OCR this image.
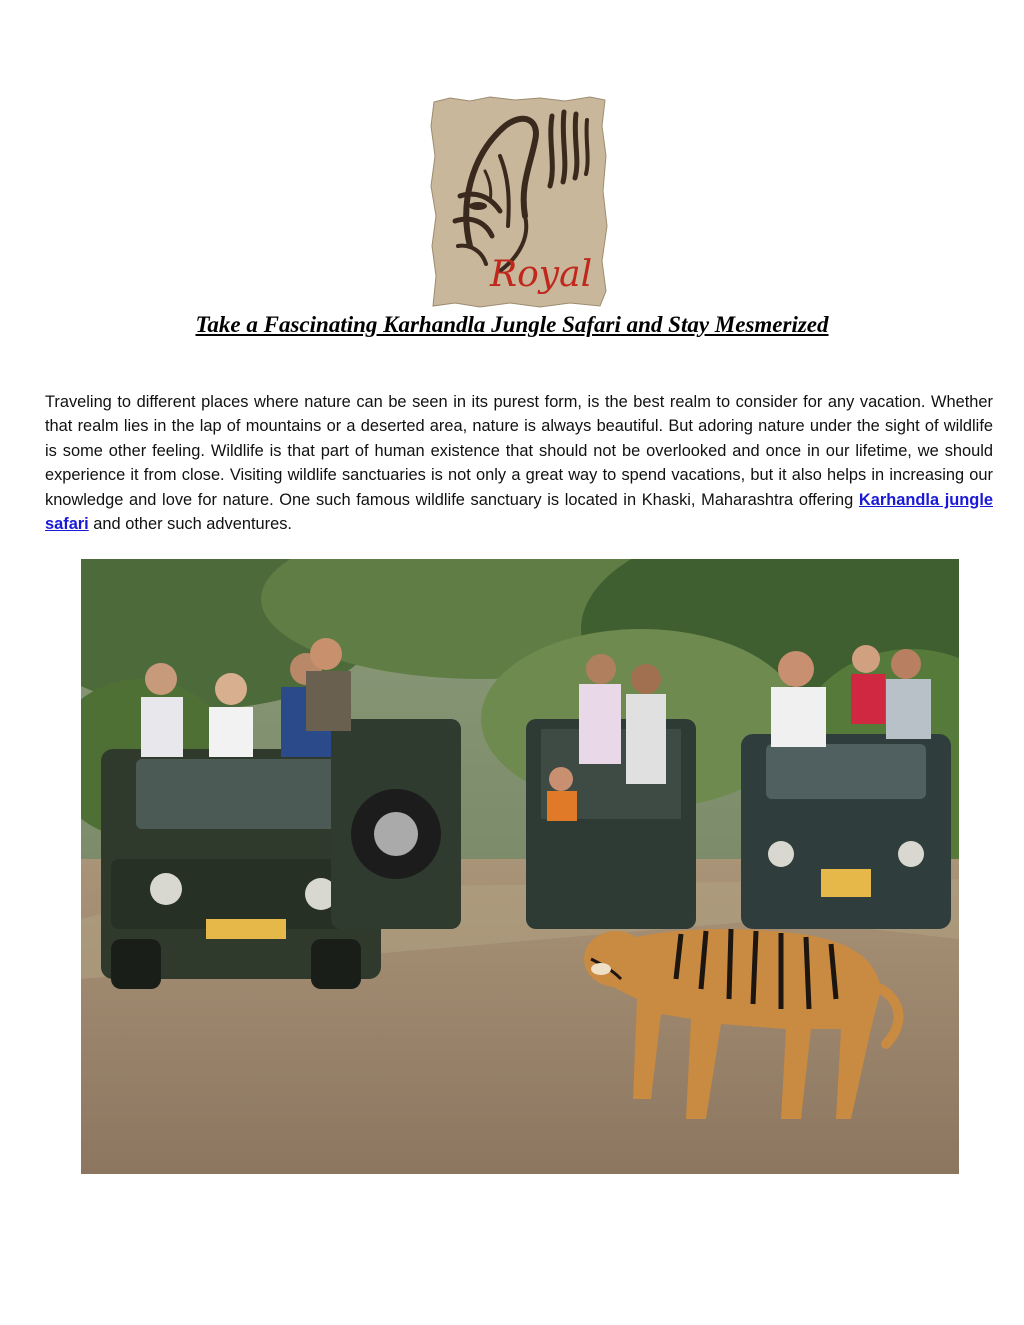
Royal
Take a Fascinating Karhandla Jungle Safari and Stay Mesmerized

Traveling to different places where nature can be seen in its purest form, is the best realm to consider for any vacation. Whether that realm lies in the lap of mountains or a deserted area, nature is always beautiful. But adoring nature under the sight of wildlife is some other feeling. Wildlife is that part of human existence that should not be overlooked and once in our lifetime, we should experience it from close. Visiting wildlife sanctuaries is not only a great way to spend vacations, but it also helps in increasing our knowledge and love for nature. One such famous wildlife sanctuary is located in Khaski, Maharashtra offering Karhandla jungle safari and other such adventures.
